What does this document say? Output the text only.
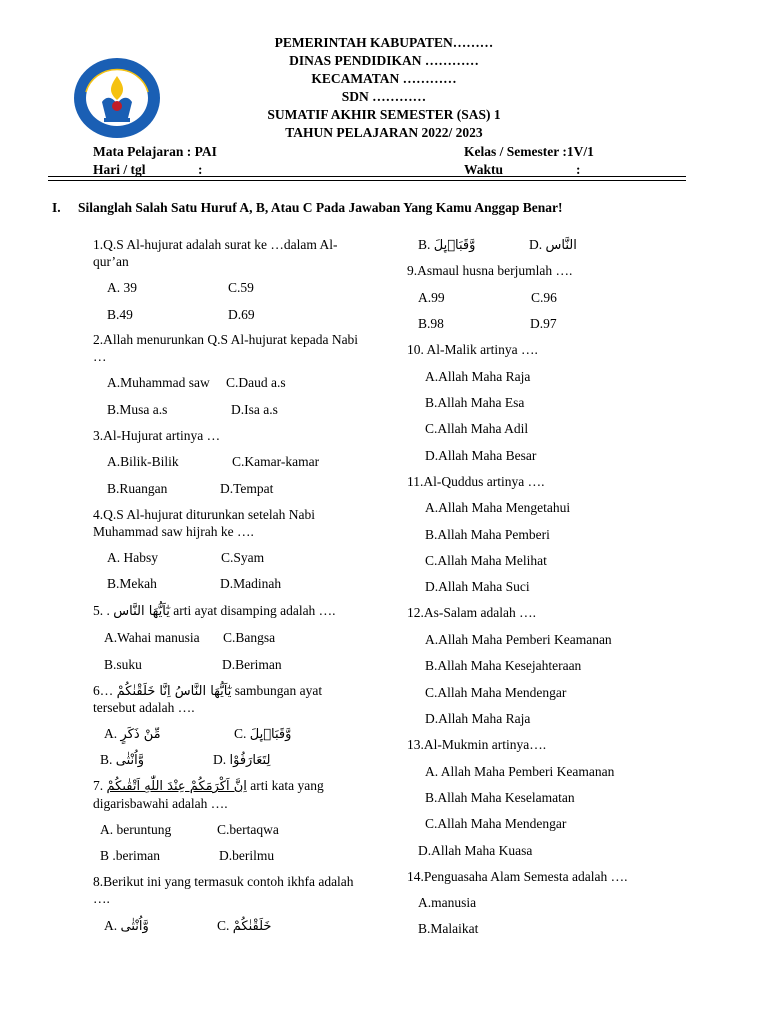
PEMERINTAH KABUPATEN………
DINAS PENDIDIKAN …………
KECAMATAN …………
SDN …………
SUMATIF AKHIR SEMESTER (SAS) 1
TAHUN PELAJARAN 2022/ 2023
Mata Pelajaran : PAI
Hari / tgl	:
Kelas / Semester :1V/1
Waktu	:
I. Silanglah Salah Satu Huruf A, B, Atau C Pada Jawaban Yang Kamu Anggap Benar!
1.Q.S Al-hujurat adalah surat ke …dalam Al-qur’an
A. 39	C.59
B.49	D.69
2.Allah menurunkan Q.S Al-hujurat kepada Nabi …
A.Muhammad saw C.Daud a.s
B.Musa a.s	D.Isa a.s
3.Al-Hujurat artinya …
A.Bilik-Bilik	C.Kamar-kamar
B.Ruangan	D.Tempat
4.Q.S Al-hujurat diturunkan setelah Nabi Muhammad saw hijrah ke ….
A. Habsy	C.Syam
B.Mekah	D.Madinah
5. . يٰٓاَيُّهَا النَّاس arti ayat disamping adalah ….
A.Wahai manusia C.Bangsa
B.suku	D.Beriman
6… يٰٓاَيُّهَا النَّاسُ اِنَّا خَلَقْنٰكُمْ sambungan ayat
tersebut adalah ….
A. مِّنْ ذَكَرٍ	C. وَّقَبَاۤىِٕلَ
B. وَّاُنْثٰى	D. لِتَعَارَفُوْا
7. اِنَّ اَكْرَمَكُمْ عِنْدَ اللّٰهِ اَتْقٰىكُمْ arti kata yang
digarisbawahi adalah ….
A. beruntung	C.bertaqwa
B .beriman	D.berilmu
8.Berikut ini yang termasuk contoh ikhfa adalah ….
A. وَّاُنْثٰى	C. خَلَقْنٰكُمْ
B. وَّقَبَاۤىِٕلَ	D. النَّاس
9.Asmaul husna berjumlah ….
A.99	C.96
B.98	D.97
10. Al-Malik artinya ….
A.Allah Maha Raja
B.Allah Maha Esa
C.Allah Maha Adil
D.Allah Maha Besar
11.Al-Quddus artinya ….
A.Allah Maha Mengetahui
B.Allah Maha Pemberi
C.Allah Maha Melihat
D.Allah Maha Suci
12.As-Salam adalah ….
A.Allah Maha Pemberi Keamanan
B.Allah Maha Kesejahteraan
C.Allah Maha Mendengar
D.Allah Maha Raja
13.Al-Mukmin artinya….
A. Allah Maha Pemberi Keamanan
B.Allah Maha Keselamatan
C.Allah Maha Mendengar
D.Allah Maha Kuasa
14.Penguasaha Alam Semesta adalah ….
A.manusia
B.Malaikat
